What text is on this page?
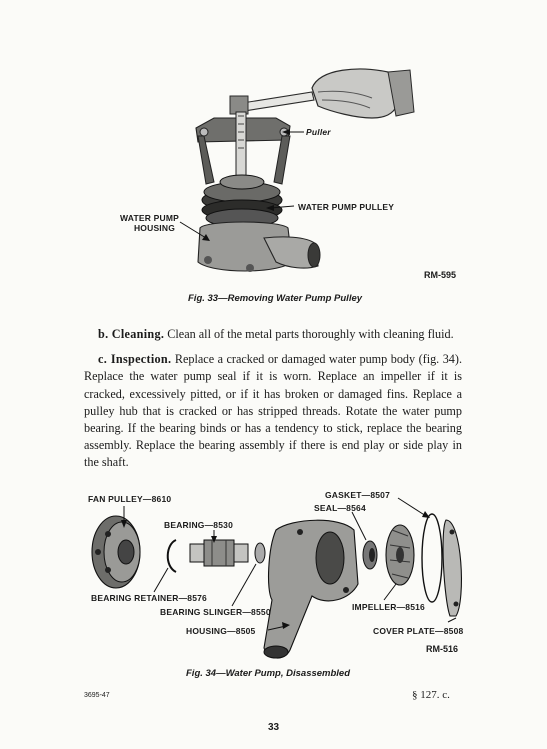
Puller
WATER PUMP PULLEY
WATER PUMP
HOUSING
RM-595
Fig. 33—Removing Water Pump Pulley

b. Cleaning. Clean all of the metal parts thoroughly with cleaning fluid.

c. Inspection. Replace a cracked or damaged water pump body (fig. 34). Replace the water pump seal if it is worn. Replace an impeller if it is cracked, excessively pitted, or if it has broken or damaged fins. Replace a pulley hub that is cracked or has stripped threads. Rotate the water pump bearing. If the bearing binds or has a tendency to stick, replace the bearing assembly. Replace the bearing assembly if there is end play or side play in the shaft.

FAN PULLEY—8610	GASKET—8507
SEAL—8564
BEARING—8530
BEARING RETAINER—8576
BEARING SLINGER—8550	IMPELLER—8516
HOUSING—8505	COVER PLATE—8508
RM-516
Fig. 34—Water Pump, Disassembled
3695-47	§ 127. c.
33
